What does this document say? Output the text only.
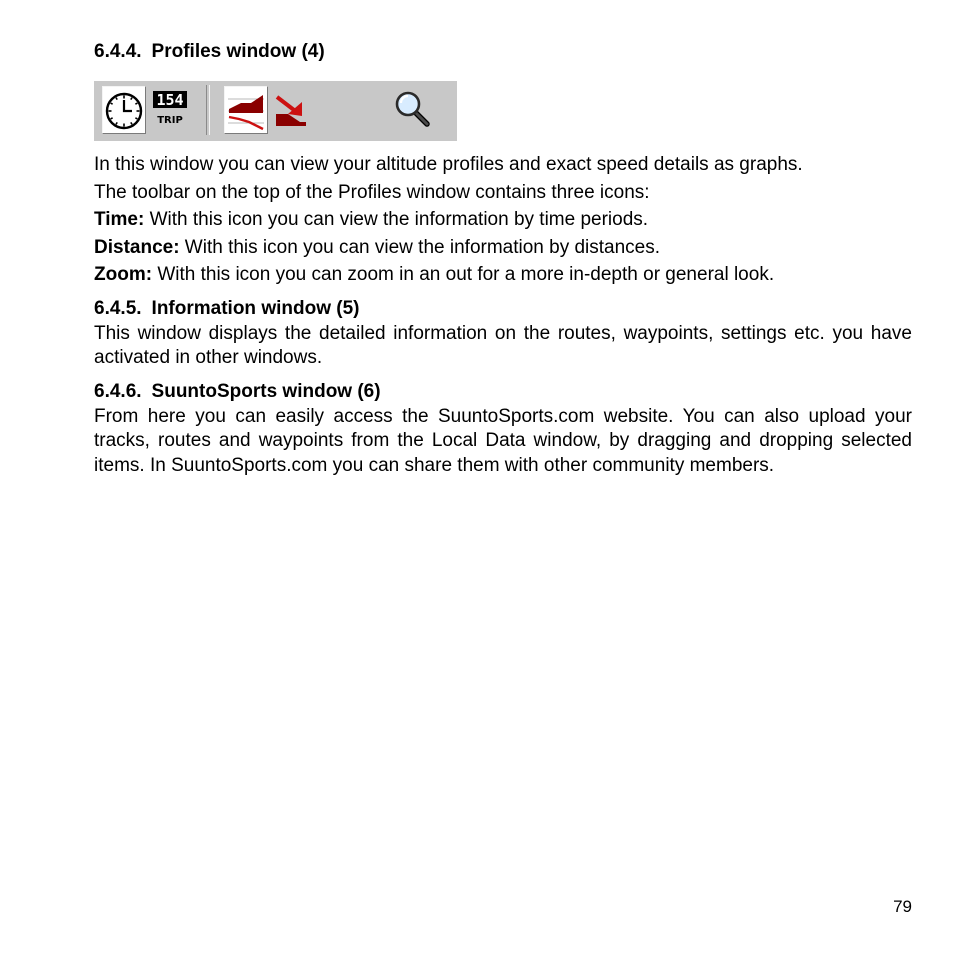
6.4.4. Profiles window (4)
154
TRIP

In this window you can view your altitude profiles and exact speed details as graphs.

The toolbar on the top of the Profiles window contains three icons:

Time: With this icon you can view the information by time periods.

Distance: With this icon you can view the information by distances.

Zoom: With this icon you can zoom in an out for a more in-depth or general look.

6.4.5. Information window (5)

This window displays the detailed information on the routes, waypoints, settings etc. you have activated in other windows.

6.4.6. SuuntoSports window (6)

From here you can easily access the SuuntoSports.com website. You can also upload your tracks, routes and waypoints from the Local Data window, by dragging and dropping selected items. In SuuntoSports.com you can share them with other community members.

79
